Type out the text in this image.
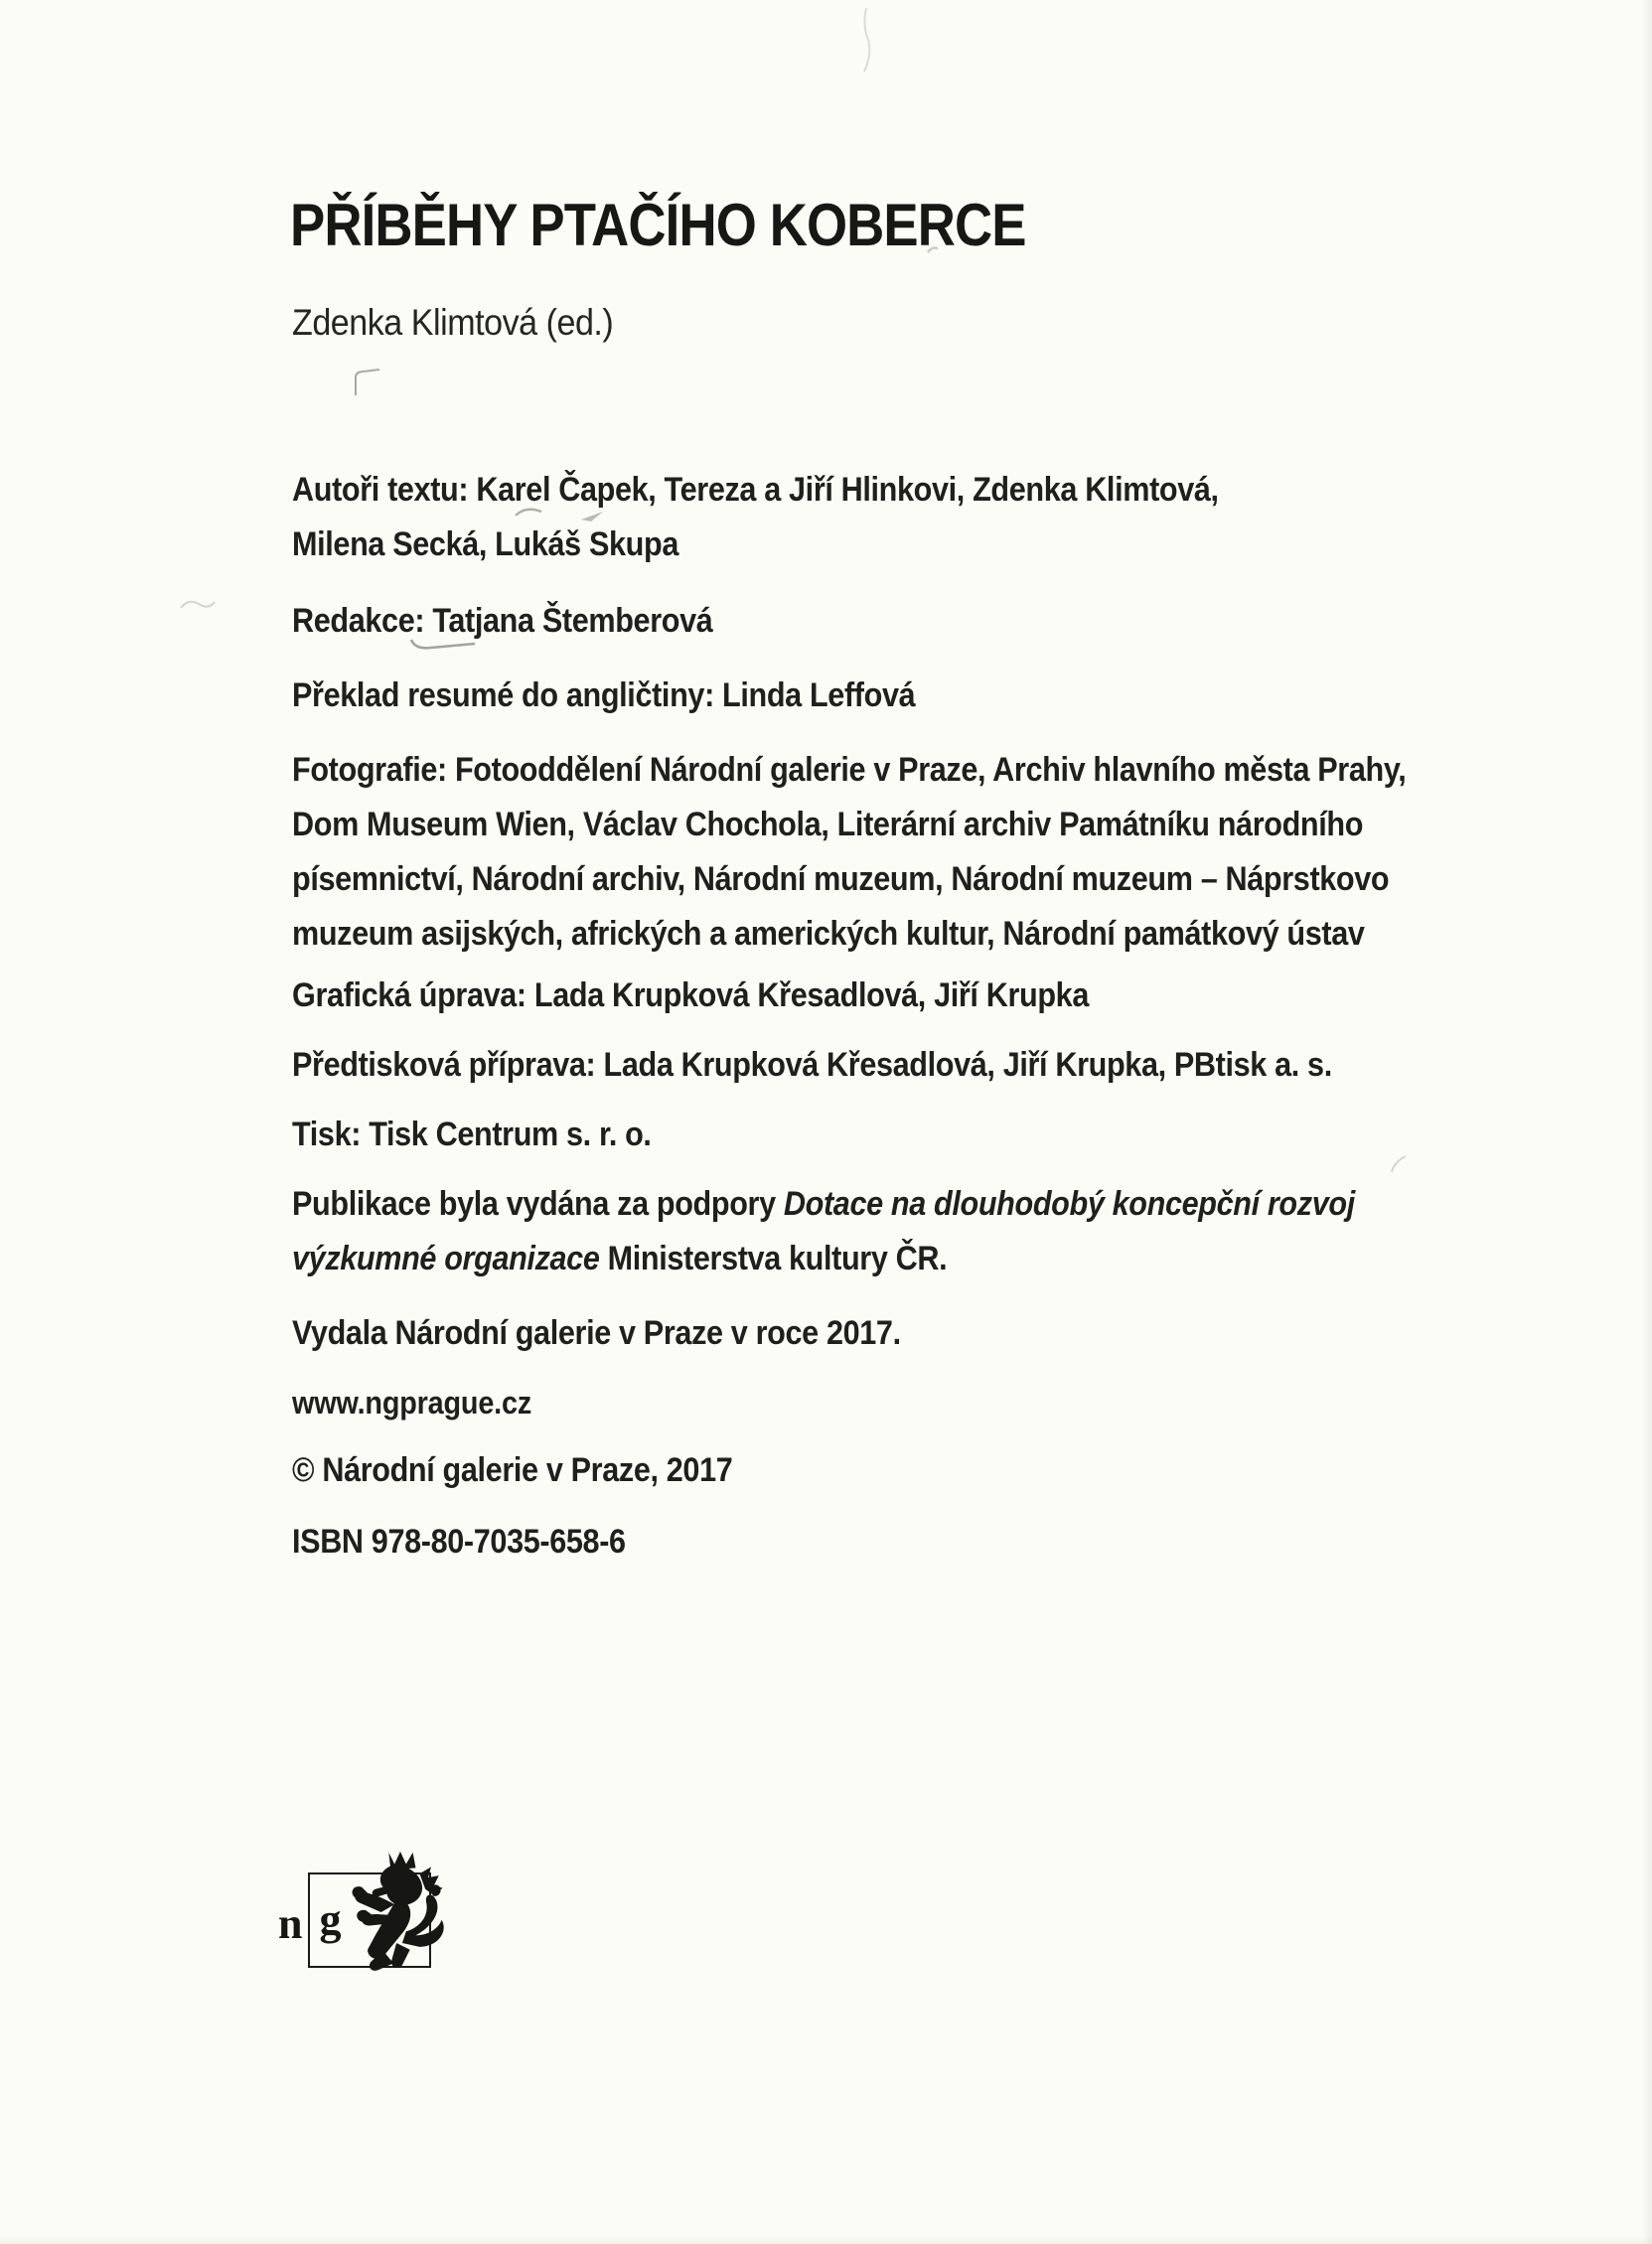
PŘÍBĚHY PTAČÍHO KOBERCE
Zdenka Klimtová (ed.)
Autoři textu: Karel Čapek, Tereza a Jiří Hlinkovi, Zdenka Klimtová,
Milena Secká, Lukáš Skupa
Redakce: Tatjana Štemberová
Překlad resumé do angličtiny: Linda Leffová
Fotografie: Fotooddělení Národní galerie v Praze, Archiv hlavního města Prahy,
Dom Museum Wien, Václav Chochola, Literární archiv Památníku národního
písemnictví, Národní archiv, Národní muzeum, Národní muzeum – Náprstkovo
muzeum asijských, afrických a amerických kultur, Národní památkový ústav
Grafická úprava: Lada Krupková Křesadlová, Jiří Krupka
Předtisková příprava: Lada Krupková Křesadlová, Jiří Krupka, PBtisk a. s.
Tisk: Tisk Centrum s. r. o.
Publikace byla vydána za podpory Dotace na dlouhodobý koncepční rozvoj
výzkumné organizace Ministerstva kultury ČR.
Vydala Národní galerie v Praze v roce 2017.
www.ngprague.cz
© Národní galerie v Praze, 2017
ISBN 978-80-7035-658-6
n g
